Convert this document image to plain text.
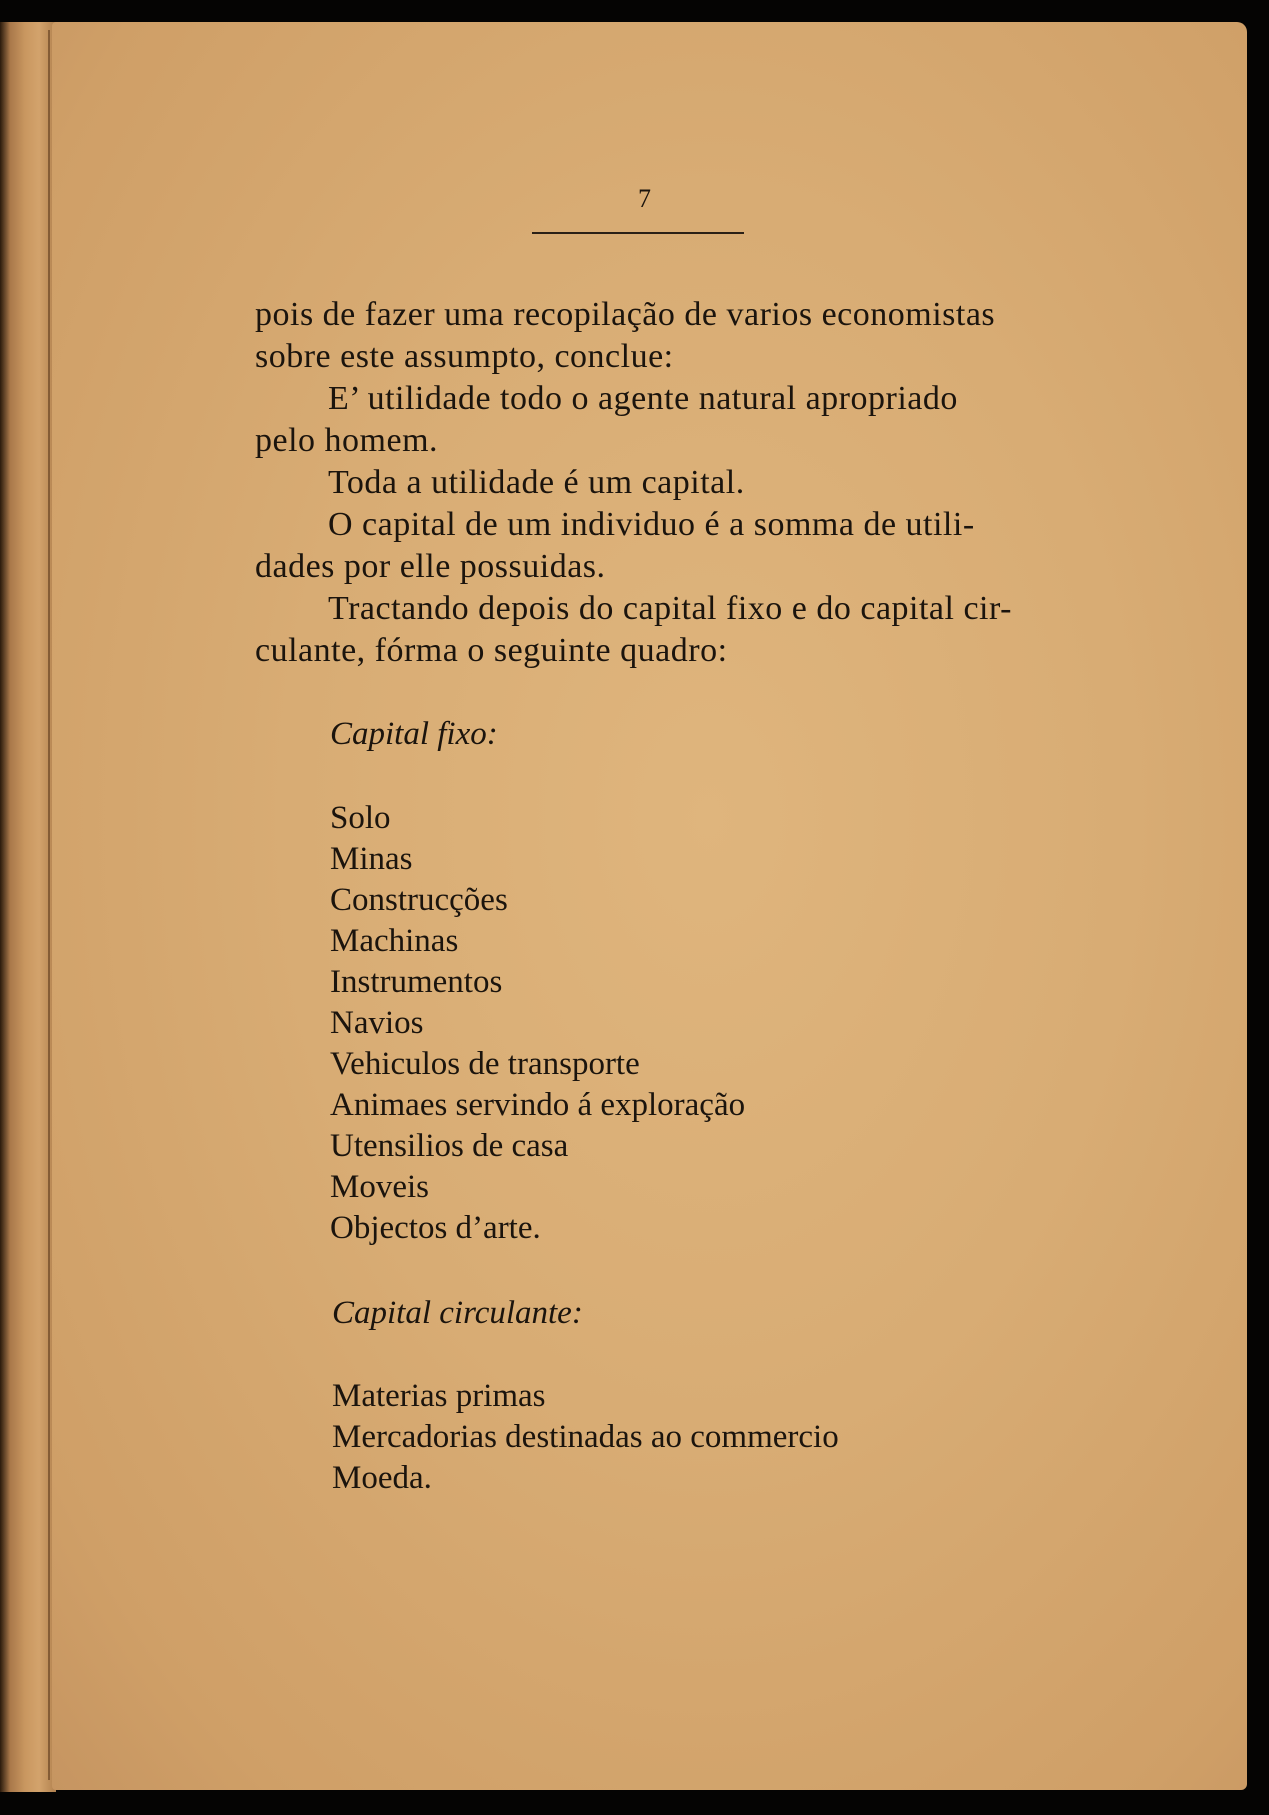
7
pois de fazer uma recopilação de varios economistas
sobre este assumpto, conclue:
E’ utilidade todo o agente natural apropriado
pelo homem.
Toda a utilidade é um capital.
O capital de um individuo é a somma de utili-
dades por elle possuidas.
Tractando depois do capital fixo e do capital cir-
culante, fórma o seguinte quadro:
Capital fixo:
Solo
Minas
Construcções
Machinas
Instrumentos
Navios
Vehiculos de transporte
Animaes servindo á exploração
Utensilios de casa
Moveis
Objectos d’arte.
Capital circulante:
Materias primas
Mercadorias destinadas ao commercio
Moeda.
